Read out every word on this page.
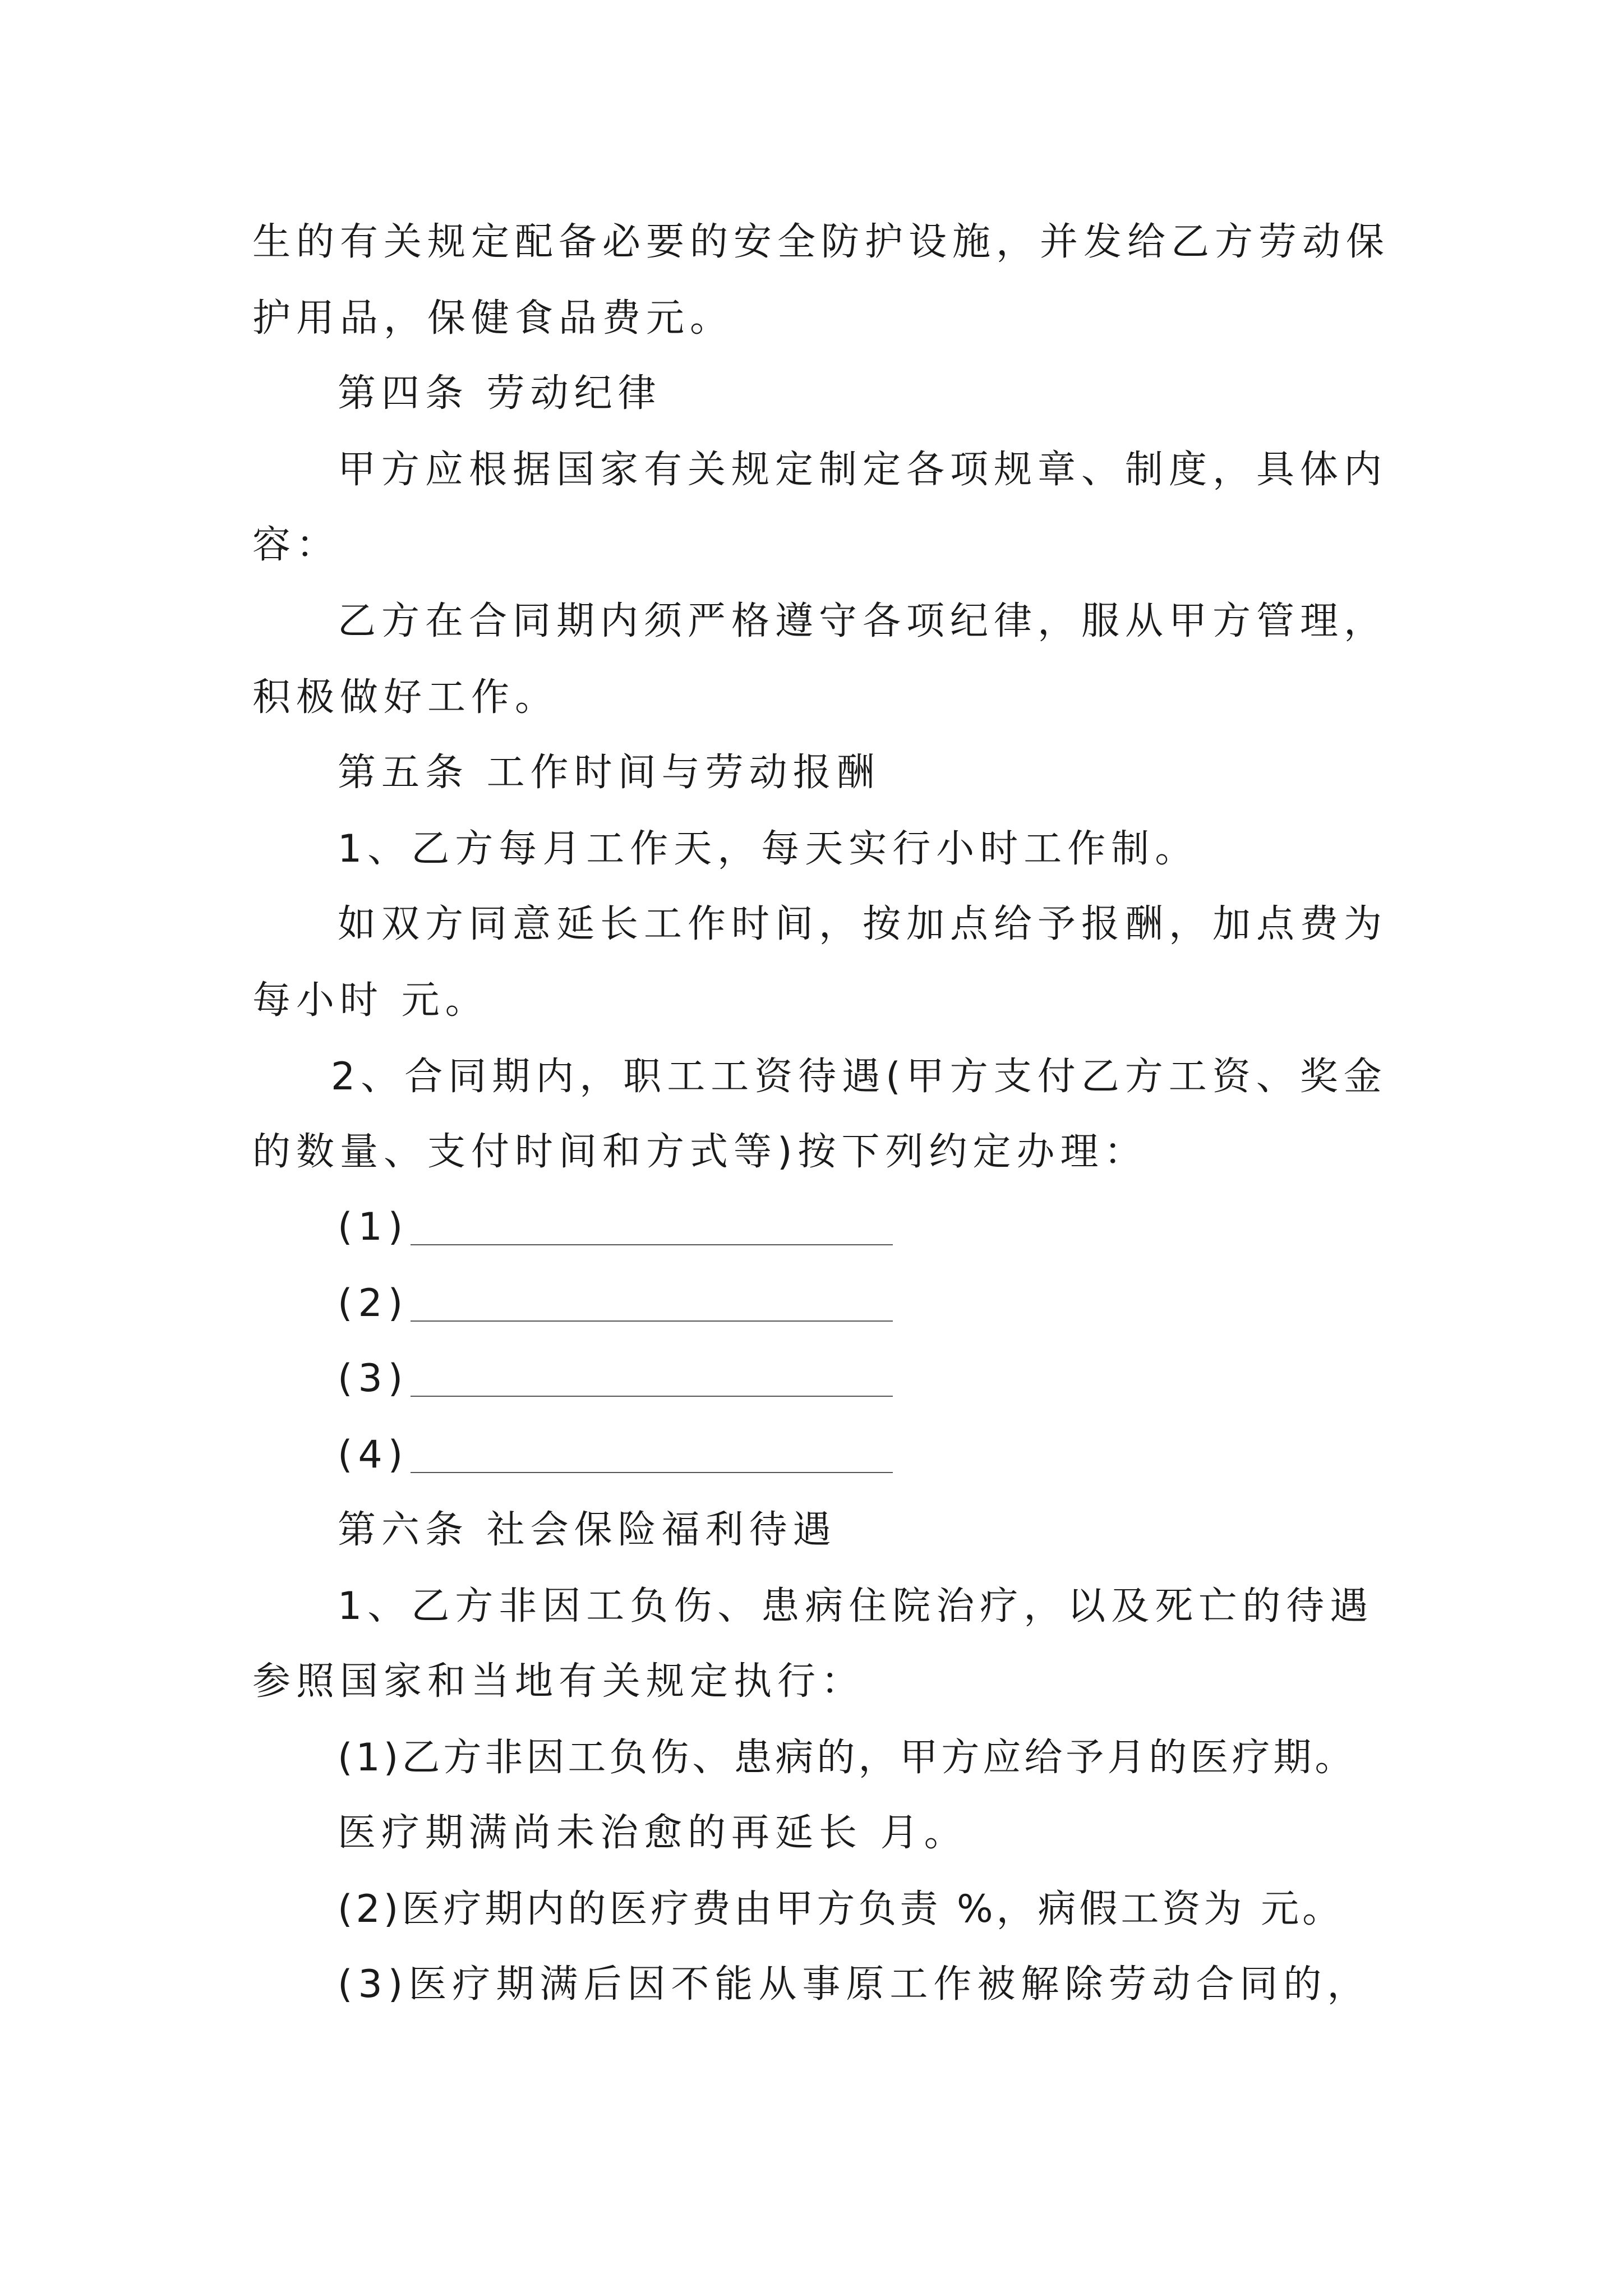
生的有关规定配备必要的安全防护设施，并发给乙方劳动保
护用品，保健食品费元。
第四条 劳动纪律
甲方应根据国家有关规定制定各项规章、制度，具体内
容：
乙方在合同期内须严格遵守各项纪律，服从甲方管理，
积极做好工作。
第五条 工作时间与劳动报酬
1、乙方每月工作天，每天实行小时工作制。
如双方同意延长工作时间，按加点给予报酬，加点费为
每小时 元。
2、合同期内，职工工资待遇(甲方支付乙方工资、奖金
的数量、支付时间和方式等)按下列约定办理：
(1)
(2)
(3)
(4)
第六条 社会保险福利待遇
1、乙方非因工负伤、患病住院治疗，以及死亡的待遇
参照国家和当地有关规定执行：
(1)乙方非因工负伤、患病的，甲方应给予月的医疗期。
医疗期满尚未治愈的再延长 月。
(2)医疗期内的医疗费由甲方负责 %，病假工资为 元。
(3)医疗期满后因不能从事原工作被解除劳动合同的，
